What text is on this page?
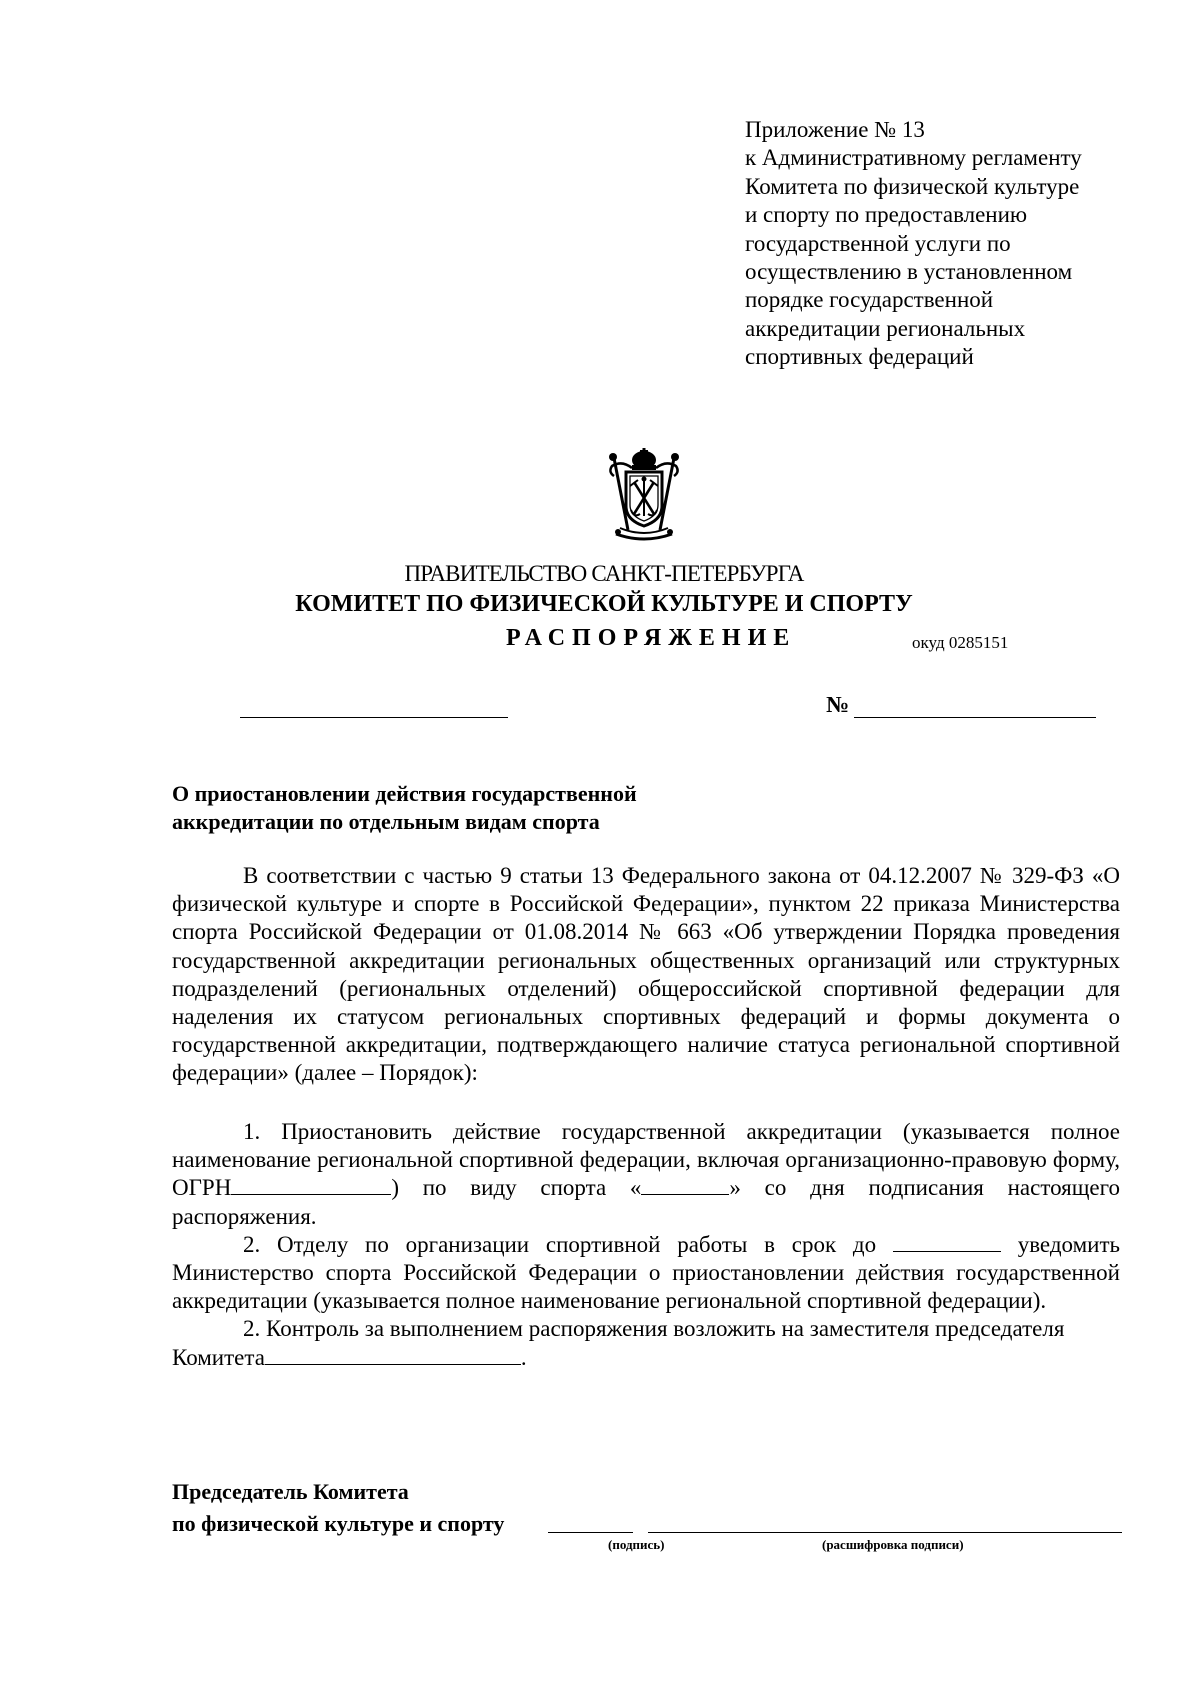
Приложение № 13
к Административному регламенту
Комитета по физической культуре
и спорту по предоставлению
государственной услуги по
осуществлению в установленном
порядке государственной
аккредитации региональных
спортивных федераций
ПРАВИТЕЛЬСТВО САНКТ-ПЕТЕРБУРГА
КОМИТЕТ ПО ФИЗИЧЕСКОЙ КУЛЬТУРЕ И СПОРТУ
РАСПОРЯЖЕНИЕ	окуд 0285151
№
О приостановлении действия государственной
аккредитации по отдельным видам спорта

В соответствии с частью 9 статьи 13 Федерального закона от 04.12.2007 № 329-ФЗ «О физической культуре и спорте в Российской Федерации», пунктом 22 приказа Министерства спорта Российской Федерации от 01.08.2014 № 663 «Об утверждении Порядка проведения государственной аккредитации региональных общественных организаций или структурных подразделений (региональных отделений) общероссийской спортивной федерации для наделения их статусом региональных спортивных федераций и формы документа о государственной аккредитации, подтверждающего наличие статуса региональной спортивной федерации» (далее – Порядок):

1. Приостановить действие государственной аккредитации (указывается полное наименование региональной спортивной федерации, включая организационно-правовую форму, ОГРН	) по виду спорта «	» со дня подписания настоящего распоряжения.

2. Отделу по организации спортивной работы в срок до	уведомить Министерство спорта Российской Федерации о приостановлении действия государственной аккредитации (указывается полное наименование региональной спортивной федерации).

2. Контроль за выполнением распоряжения возложить на заместителя председателя Комитета	.

Председатель Комитета
по физической культуре и спорту
(подпись)	(расшифровка подписи)
